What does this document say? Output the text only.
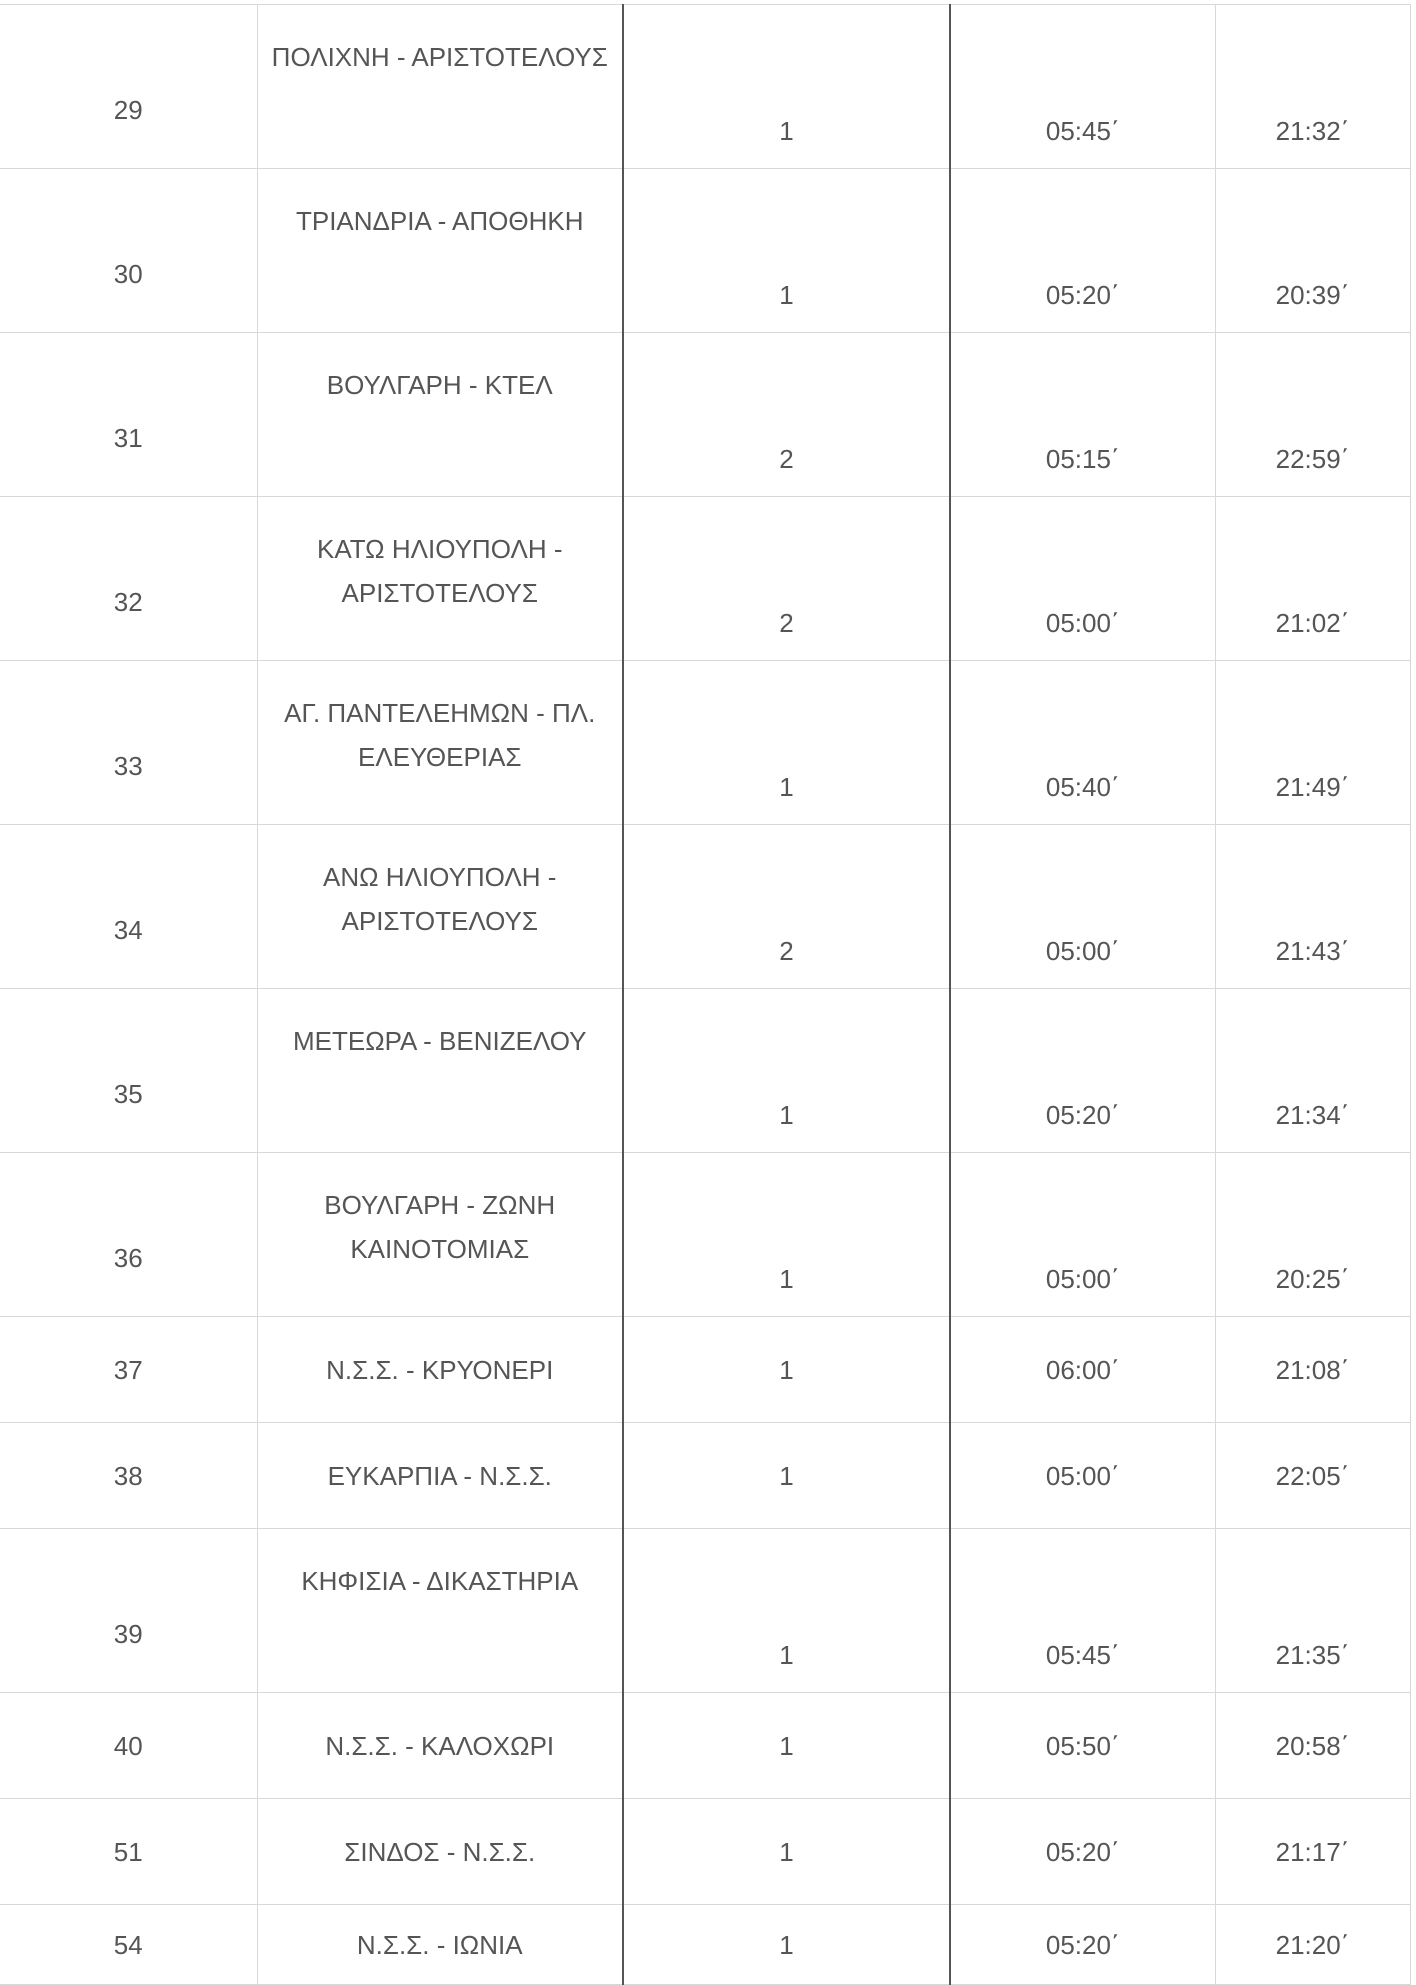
29	ΠΟΛΙΧΝΗ - ΑΡΙΣΤΟΤΕΛΟΥΣ	1	05:45΄	21:32΄
30	ΤΡΙΑΝΔΡΙΑ - ΑΠΟΘΗΚΗ	1	05:20΄	20:39΄
31	ΒΟΥΛΓΑΡΗ - ΚΤΕΛ	2	05:15΄	22:59΄
32	ΚΑΤΩ ΗΛΙΟΥΠΟΛΗ - ΑΡΙΣΤΟΤΕΛΟΥΣ	2	05:00΄	21:02΄
33	ΑΓ. ΠΑΝΤΕΛΕΗΜΩΝ - ΠΛ. ΕΛΕΥΘΕΡΙΑΣ	1	05:40΄	21:49΄
34	ΑΝΩ ΗΛΙΟΥΠΟΛΗ - ΑΡΙΣΤΟΤΕΛΟΥΣ	2	05:00΄	21:43΄
35	ΜΕΤΕΩΡΑ - ΒΕΝΙΖΕΛΟΥ	1	05:20΄	21:34΄
36	ΒΟΥΛΓΑΡΗ - ΖΩΝΗ ΚΑΙΝΟΤΟΜΙΑΣ	1	05:00΄	20:25΄
37	Ν.Σ.Σ. - ΚΡΥΟΝΕΡΙ	1	06:00΄	21:08΄
38	ΕΥΚΑΡΠΙΑ - Ν.Σ.Σ.	1	05:00΄	22:05΄
39	ΚΗΦΙΣΙΑ - ΔΙΚΑΣΤΗΡΙΑ	1	05:45΄	21:35΄
40	Ν.Σ.Σ. - ΚΑΛΟΧΩΡΙ	1	05:50΄	20:58΄
51	ΣΙΝΔΟΣ - Ν.Σ.Σ.	1	05:20΄	21:17΄
54	Ν.Σ.Σ. - ΙΩΝΙΑ	1	05:20΄	21:20΄
